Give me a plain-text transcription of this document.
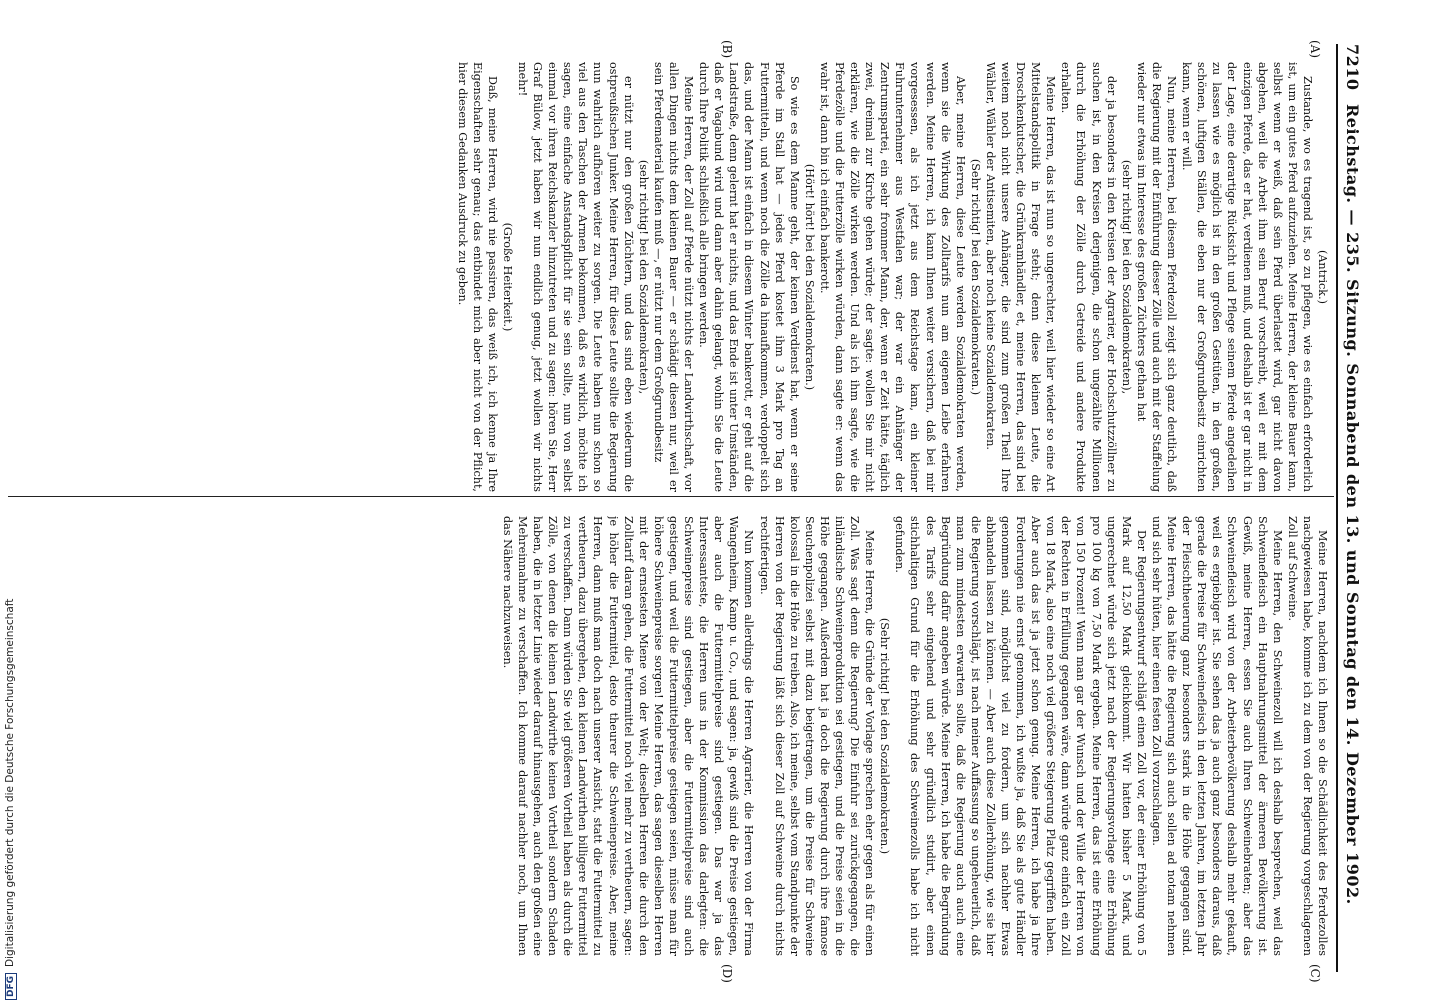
7210
Reichstag. — 235. Sitzung. Sonnabend den 13. und Sonntag den 14. Dezember 1902.
(A)
(B)
(C)
(D)

(Antrick.)

Zustande, wo es tragend ist, so zu pflegen, wie es einfach erforderlich ist, um ein gutes Pferd aufzuziehen. Meine Herren, der kleine Bauer kann, selbst wenn er weiß, daß sein Pferd überlastet wird, gar nicht davon abgehen, weil die Arbeit ihm sein Beruf vorschreibt, weil er mit dem einzigen Pferde, das er hat, verdienen muß, und deshalb ist er gar nicht in der Lage, eine derartige Rücksicht und Pflege seinem Pferde angedeihen zu lassen wie es möglich ist in den großen Gestüten, in den großen, schönen, luftigen Ställen, die eben nur der Großgrundbesitz einrichten kann, wenn er will.

Nun, meine Herren, bei diesem Pferdezoll zeigt sich ganz deutlich, daß die Regierung mit der Einführung dieser Zölle und auch mit der Staffelung wieder nur etwas im Interesse des großen Züchters gethan hat

(sehr richtig! bei den Sozialdemokraten),

der ja besonders in den Kreisen der Agrarier, der Hochschutzzöllner zu suchen ist, in den Kreisen derjenigen, die schon ungezählte Millionen durch die Erhöhung der Zölle durch Getreide und andere Produkte erhalten.

Meine Herren, das ist nun so ungerechter, weil hier wieder so eine Art Mittelstandspolitik in Frage steht; denn diese kleinen Leute, die Droschkenkutscher, die Grünkramhändler, et, meine Herren, das sind bei weitem noch nicht unsere Anhänger, die sind zum großen Theil Ihre Wähler, Wähler der Antisemiten, aber noch keine Sozialdemokraten.

(Sehr richtig! bei den Sozialdemokraten.)

Aber, meine Herren, diese Leute werden Sozialdemokraten werden, wenn sie die Wirkung des Zolltarifs nun am eigenen Leibe erfahren werden. Meine Herren, ich kann Ihnen weiter versichern, daß bei mir vorgesessen, als ich jetzt aus dem Reichstage kam, ein kleiner Fuhrunternehmer aus Westfalen war; der war ein Anhänger der Zentrumspartei, ein sehr frommer Mann, der, wenn er Zeit hätte, täglich zwei, dreimal zur Kirche gehen würde; der sagte: wollen Sie mir nicht erklären, wie die Zölle wirken werden. Und als ich ihm sagte, wie die Pferdezölle und die Futterzölle wirken würden, dann sagte er: wenn das wahr ist, dann bin ich einfach bankerott.

(Hört! hört! bei den Sozialdemokraten.)

So wie es dem Manne geht, der keinen Verdienst hat, wenn er seine Pferde im Stall hat — jedes Pferd kostet ihm 3 Mark pro Tag an Futtermitteln, und wenn noch die Zölle da hinaufkommen, verdoppelt sich das, und der Mann ist einfach in diesem Winter bankerott, er geht auf die Landstraße, denn gelernt hat er nichts, und das Ende ist unter Umständen, daß er Vagabund wird und dann aber dahin gelangt, wohin Sie die Leute durch Ihre Politik schließlich alle bringen werden.

Meine Herren, der Zoll auf Pferde nützt nichts der Landwirthschaft, vor allen Dingen nichts dem kleinen Bauer — er schädigt diesen nur, weil er sein Pferdematerial kaufen muß —, er nützt nur dem Großgrundbesitz

(sehr richtig! bei den Sozialdemokraten),

er nützt nur den großen Züchtern, und das sind eben wiederum die ostpreußischen Junker. Meine Herren, für diese Leute sollte die Regierung nun wahrlich aufhören weiter zu sorgen. Die Leute haben nun schon so viel aus den Taschen der Armen bekommen, daß es wirklich, möchte ich sagen, eine einfache Anstandspflicht für sie sein sollte, nun von selbst einmal vor ihren Reichskanzler hinzutreten und zu sagen: hören Sie, Herr Graf Bülow, jetzt haben wir nun endlich genug, jetzt wollen wir nichts mehr!

(Große Heiterkeit.)

Daß, meine Herren, wird nie passiren, das weiß ich, ich kenne ja Ihre Eigenschaften sehr genau; das entbindet mich aber nicht von der Pflicht, hier diesem Gedanken Ausdruck zu geben.

Meine Herren, nachdem ich Ihnen so die Schädlichkeit des Pferdezolles nachgewiesen habe, komme ich zu dem von der Regierung vorgeschlagenen Zoll auf Schweine.

Meine Herren, den Schweinezoll will ich deshalb besprechen, weil das Schweinefleisch ein Hauptnahrungsmittel der ärmeren Bevölkerung ist. Gewiß, meine Herren, essen Sie auch Ihren Schweinebraten; aber das Schweinefleisch wird von der Arbeiterbevölkerung deshalb mehr gekauft, weil es ergiebiger ist. Sie sehen das ja auch ganz besonders daraus, daß gerade die Preise für Schweinefleisch in den letzten Jahren, im letzten Jahr der Fleischtheuerung ganz besonders stark in die Höhe gegangen sind. Meine Herren, das hätte die Regierung sich auch sollen ad notam nehmen und sich sehr hüten, hier einen festen Zoll vorzuschlagen.

Der Regierungsentwurf schlägt einen Zoll vor, der einer Erhöhung von 5 Mark auf 12,50 Mark gleichkommt. Wir hatten bisher 5 Mark, und ungerechnet würde sich jetzt nach der Regierungsvorlage eine Erhöhung pro 100 kg von 7,50 Mark ergeben. Meine Herren, das ist eine Erhöhung von 150 Prozent! Wenn man gar der Wunsch und der Wille der Herren von der Rechten in Erfüllung gegangen wäre, dann würde ganz einfach ein Zoll von 18 Mark, also eine noch viel größere Steigerung Platz gegriffen haben. Aber auch das ist ja jetzt schon genug. Meine Herren, ich habe ja Ihre Forderungen nie ernst genommen, ich wußte ja, daß Sie als gute Händler genommen sind, möglichst viel zu fordern, um sich nachher Etwas abhandeln lassen zu können. — Aber auch diese Zollerhöhung, wie sie hier die Regierung vorschlägt, ist nach meiner Auffassung so ungeheuerlich, daß man zum mindesten erwarten sollte, daß die Regierung auch auch eine Begründung dafür angeben würde. Meine Herren, ich habe die Begründung des Tarifs sehr eingehend und sehr gründlich studirt, aber einen stichhaltigen Grund für die Erhöhung des Schweinezolls habe ich nicht gefunden.

(Sehr richtig! bei den Sozialdemokraten.)

Meine Herren, die Gründe der Vorlage sprechen eher gegen als für einen Zoll. Was sagt denn die Regierung? Die Einfuhr sei zurückgegangen, die inländische Schweineproduktion sei gestiegen, und die Preise seien in die Höhe gegangen. Außerdem hat ja doch die Regierung durch ihre famose Seuchenpolizei selbst mit dazu beigetragen, um die Preise für Schweine kolossal in die Höhe zu treiben. Also, ich meine, selbst vom Standpunkte der Herren von der Regierung läßt sich dieser Zoll auf Schweine durch nichts rechtfertigen.

Nun kommen allerdings die Herren Agrarier, die Herren von der Firma Wangenheim, Kamp u. Co., und sagen: ja, gewiß sind die Preise gestiegen, aber auch die Futtermittelpreise sind gestiegen. Das war ja das Interessanteste, die Herren uns in der Kommission das darlegten: die Schweinepreise sind gestiegen, aber die Futtermittelpreise sind auch gestiegen, und weil die Futtermittelpreise gestiegen seien, müsse man für höhere Schweinepreise sorgen! Meine Herren, das sagen dieselben Herren mit der ernstesten Miene von der Welt; dieselben Herren die durch den Zolltarif daran gehen, die Futtermittel noch viel mehr zu vertheuern, sagen: je höher die Futtermittel, desto theurer die Schweinepreise. Aber, meine Herren, dann muß man doch nach unserer Ansicht, statt die Futtermittel zu vertheuern, dazu übergehen, den kleinen Landwirthen billigere Futtermittel zu verschaffen. Dann würden Sie viel größeren Vortheil haben als durch die Zölle, von denen die kleinen Landwirthe keinen Vortheil sondern Schaden haben, die in letzter Linie wieder darauf hinausgehen, auch den großen eine Mehreinnahme zu verschaffen. Ich komme darauf nachher noch, um Ihnen das Nähere nachzuweisen.

DFGDigitalisierung gefördert durch die Deutsche Forschungsgemeinschaft
